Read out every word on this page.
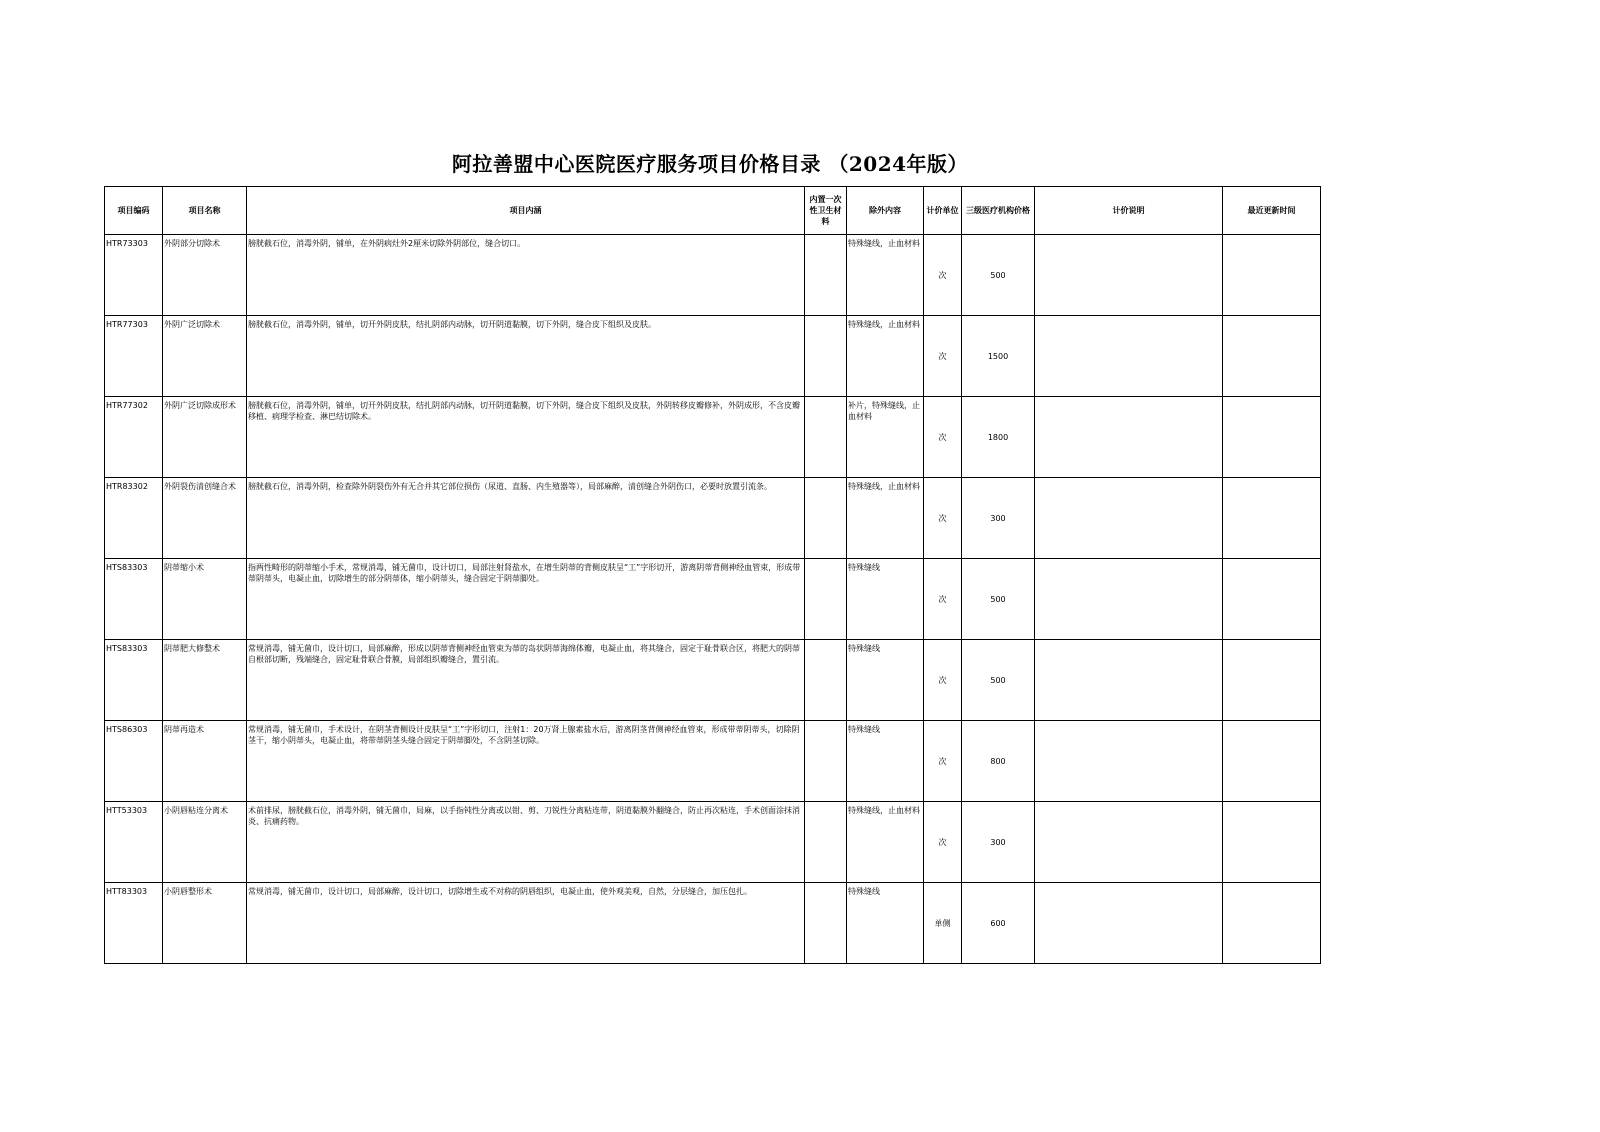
阿拉善盟中心医院医疗服务项目价格目录 （2024年版）
项目编码	项目名称	项目内涵	内置一次性卫生材料	除外内容	计价单位	三级医疗机构价格	计价说明	最近更新时间
HTR73303	外阴部分切除术	膀胱截石位，消毒外阴，铺单，在外阴病灶外2厘米切除外阴部位，缝合切口。		特殊缝线，止血材料	次	500		
HTR77303	外阴广泛切除术	膀胱截石位，消毒外阴，铺单，切开外阴皮肤，结扎阴部内动脉，切开阴道黏膜，切下外阴，缝合皮下组织及皮肤。		特殊缝线，止血材料	次	1500		
HTR77302	外阴广泛切除成形术	膀胱截石位，消毒外阴，铺单，切开外阴皮肤，结扎阴部内动脉，切开阴道黏膜，切下外阴，缝合皮下组织及皮肤，外阴转移皮瓣修补，外阴成形，不含皮瓣移植、病理学检查、淋巴结切除术。		补片，特殊缝线，止血材料	次	1800		
HTR83302	外阴裂伤清创缝合术	膀胱截石位，消毒外阴，检查除外阴裂伤外有无合并其它部位损伤（尿道、直肠、内生殖器等），局部麻醉，清创缝合外阴伤口，必要时放置引流条。		特殊缝线，止血材料	次	300		
HTS83303	阴蒂缩小术	指两性畸形的阴蒂缩小手术，常规消毒，铺无菌巾，设计切口，局部注射肾盐水，在增生阴蒂的背侧皮肤呈“工”字形切开，游离阴蒂背侧神经血管束，形成带蒂阴蒂头，电凝止血，切除增生的部分阴蒂体，缩小阴蒂头，缝合固定于阴蒂脚处。		特殊缝线	次	500		
HTS83303	阴蒂肥大修整术	常规消毒，铺无菌巾，设计切口，局部麻醉，形成以阴蒂背侧神经血管束为蒂的岛状阴蒂海绵体瓣，电凝止血，将其缝合，固定于耻骨联合区，将肥大的阴蒂自根部切断，残端缝合，固定耻骨联合骨膜，局部组织瓣缝合，置引流。		特殊缝线	次	500		
HTS86303	阴蒂再造术	常规消毒，铺无菌巾，手术设计，在阴茎背侧设计皮肤呈“工”字形切口，注射1：20万肾上腺素盐水后，游离阴茎背侧神经血管束，形成带蒂阴蒂头，切除阴茎干，缩小阴蒂头，电凝止血，将带蒂阴茎头缝合固定于阴蒂脚处，不含阴茎切除。		特殊缝线	次	800		
HTT53303	小阴唇粘连分离术	术前排尿，膀胱截石位，消毒外阴，铺无菌巾，局麻，以手指钝性分离或以钳、剪、刀锐性分离粘连带，阴道黏膜外翻缝合，防止再次粘连，手术创面涂抹消炎、抗痛药物。		特殊缝线，止血材料	次	300		
HTT83303	小阴唇整形术	常规消毒，铺无菌巾，设计切口，局部麻醉，设计切口，切除增生或不对称的阴唇组织，电凝止血，使外观美观，自然，分层缝合，加压包扎。		特殊缝线	单侧	600		
